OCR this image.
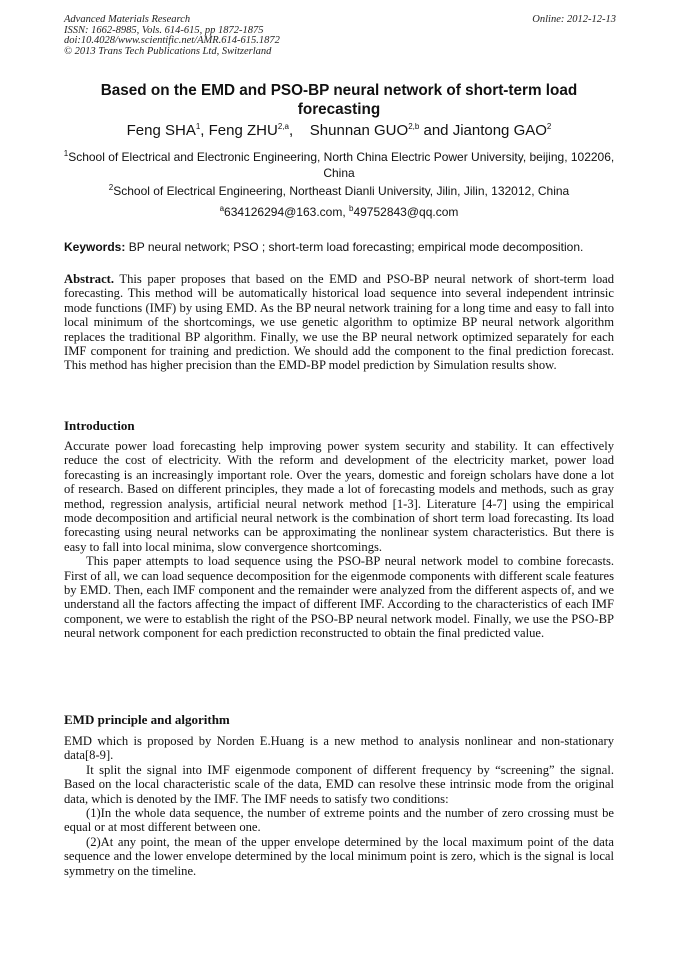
Advanced Materials Research
ISSN: 1662-8985, Vols. 614-615, pp 1872-1875
doi:10.4028/www.scientific.net/AMR.614-615.1872
© 2013 Trans Tech Publications Ltd, Switzerland
Online: 2012-12-13
Based on the EMD and PSO-BP neural network of short-term load forecasting
Feng SHA$^1$, Feng ZHU$^{2,a}$,    Shunnan GUO$^{2,b}$ and Jiantong GAO$^2$
$^1$School of Electrical and Electronic Engineering, North China Electric Power University, beijing, 102206, China
$^2$School of Electrical Engineering, Northeast Dianli University, Jilin, Jilin, 132012, China
$^a$634126294@163.com, $^b$49752843@qq.com
Keywords: BP neural network; PSO ; short-term load forecasting; empirical mode decomposition.

Abstract. This paper proposes that based on the EMD and PSO-BP neural network of short-term load forecasting. This method will be automatically historical load sequence into several independent intrinsic mode functions (IMF) by using EMD. As the BP neural network training for a long time and easy to fall into local minimum of the shortcomings, we use genetic algorithm to optimize BP neural network algorithm replaces the traditional BP algorithm. Finally, we use the BP neural network optimized separately for each IMF component for training and prediction. We should add the component to the final prediction forecast. This method has higher precision than the EMD-BP model prediction by Simulation results show.

Introduction

Accurate power load forecasting help improving power system security and stability. It can effectively reduce the cost of electricity. With the reform and development of the electricity market, power load forecasting is an increasingly important role. Over the years, domestic and foreign scholars have done a lot of research. Based on different principles, they made a lot of forecasting models and methods, such as gray method, regression analysis, artificial neural network method [1-3]. Literature [4-7] using the empirical mode decomposition and artificial neural network is the combination of short term load forecasting. Its load forecasting using neural networks can be approximating the nonlinear system characteristics. But there is easy to fall into local minima, slow convergence shortcomings.

This paper attempts to load sequence using the PSO-BP neural network model to combine forecasts. First of all, we can load sequence decomposition for the eigenmode components with different scale features by EMD. Then, each IMF component and the remainder were analyzed from the different aspects of, and we understand all the factors affecting the impact of different IMF. According to the characteristics of each IMF component, we were to establish the right of the PSO-BP neural network model. Finally, we use the PSO-BP neural network component for each prediction reconstructed to obtain the final predicted value.

EMD principle and algorithm

EMD which is proposed by Norden E.Huang is a new method to analysis nonlinear and non-stationary data[8-9].

It split the signal into IMF eigenmode component of different frequency by “screening” the signal. Based on the local characteristic scale of the data, EMD can resolve these intrinsic mode from the original data, which is denoted by the IMF. The IMF needs to satisfy two conditions:

(1)In the whole data sequence, the number of extreme points and the number of zero crossing must be equal or at most different between one.

(2)At any point, the mean of the upper envelope determined by the local maximum point of the data sequence and the lower envelope determined by the local minimum point is zero, which is the signal is local symmetry on the timeline.
